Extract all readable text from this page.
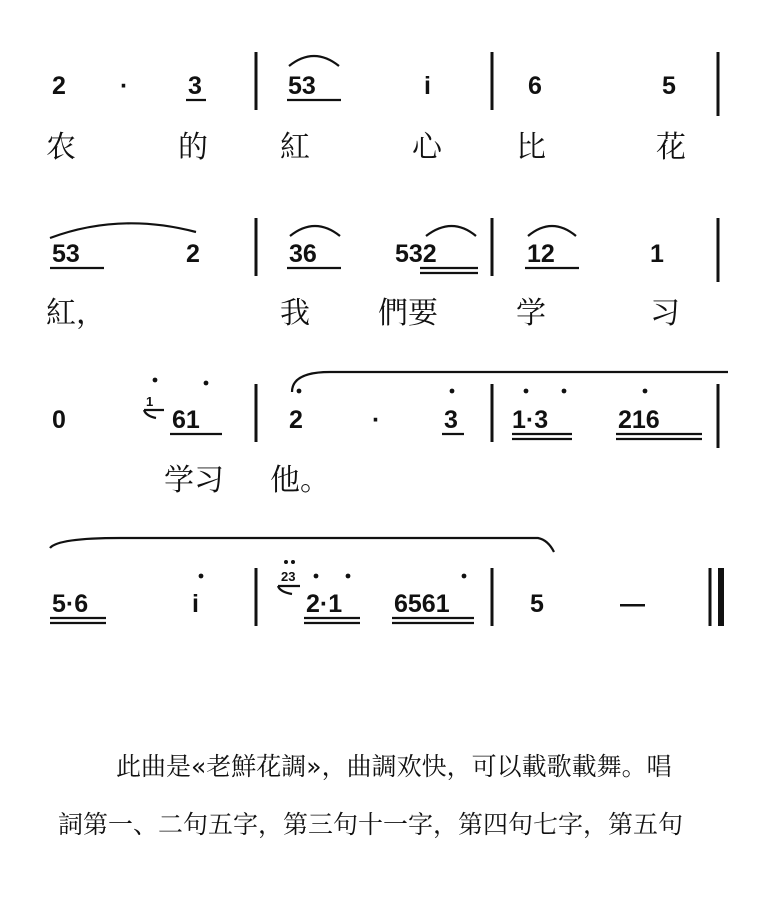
2 · 3	53	i	6	5
农	的 紅	心 比	花
53	2	36	532	12	1
紅，	我 們要	学	习
0
1
61	2	·	3 1·3	216
学习 他。
5·6	i
23
2·1 6561	5	—
此曲是«老鮮花調»，曲調欢快，可以載歌載舞。唱
詞第一、二句五字，第三句十一字，第四句七字，第五句
